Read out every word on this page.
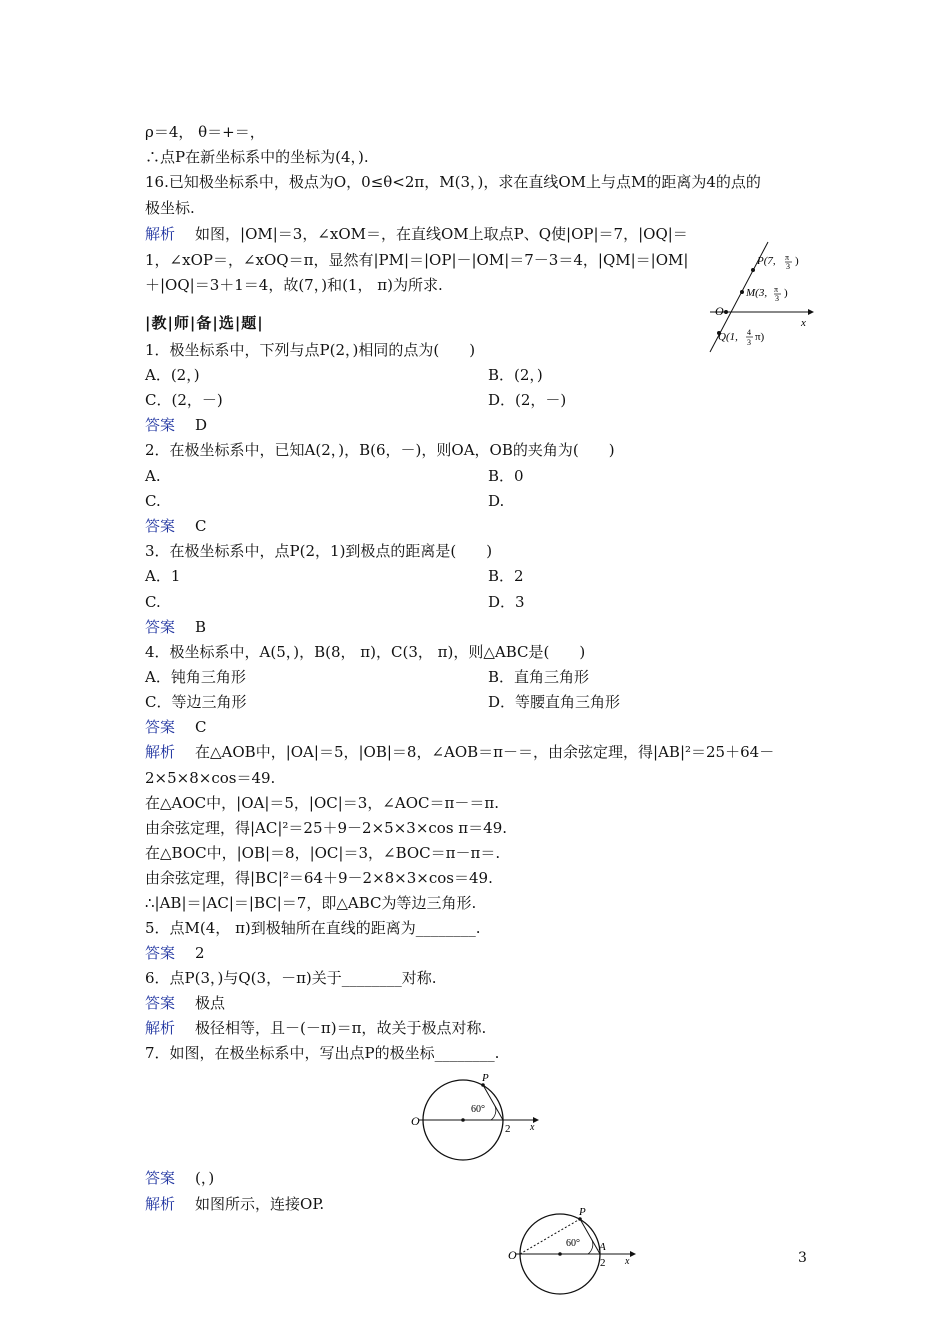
ρ＝4， θ＝+＝，
∴点P在新坐标系中的坐标为(4，).
16.已知极坐标系中，极点为O，0≤θ<2π，M(3，)，求在直线OM上与点M的距离为4的点的
极坐标.
解析 如图，|OM|＝3，∠xOM＝，在直线OM上取点P、Q使|OP|＝7，|OQ|＝
1，∠xOP＝，∠xOQ＝π，显然有|PM|＝|OP|－|OM|＝7－3＝4，|QM|＝|OM|
＋|OQ|＝3＋1＝4，故(7，)和(1， π)为所求.
|教|师|备|选|题|
1．极坐标系中，下列与点P(2，)相同的点为(　　)
A．(2，)	B．(2，)
C．(2，－)	D．(2，－)
答案 D
2．在极坐标系中，已知A(2，)，B(6，－)，则OA，OB的夹角为(　　)
A.	B．0
C.	D.
答案 C
3．在极坐标系中，点P(2，1)到极点的距离是(　　)
A．1	B．2
C.	D．3
答案 B
4．极坐标系中，A(5，)，B(8， π)，C(3， π)，则△ABC是(　　)
A．钝角三角形	B．直角三角形
C．等边三角形	D．等腰直角三角形
答案 C
解析 在△AOB中，|OA|＝5，|OB|＝8，∠AOB＝π－＝，由余弦定理，得|AB|²＝25＋64－
2×5×8×cos＝49.
在△AOC中，|OA|＝5，|OC|＝3，∠AOC＝π－＝π.
由余弦定理，得|AC|²＝25＋9－2×5×3×cos π＝49.
在△BOC中，|OB|＝8，|OC|＝3，∠BOC＝π－π＝.
由余弦定理，得|BC|²＝64＋9－2×8×3×cos＝49.
∴|AB|＝|AC|＝|BC|＝7，即△ABC为等边三角形.
5．点M(4， π)到极轴所在直线的距离为________.
答案 2
6．点P(3，)与Q(3，－π)关于________对称.
答案 极点
解析 极径相等，且－(－π)＝π，故关于极点对称.
7．如图，在极坐标系中，写出点P的极坐标________.
答案 (，)
解析 如图所示，连接OP.
x
O
P(7, π
3 )
M(3, π
3 )
Q(1, 4
3 π)
O
P
60°
2 x
O
P
60° A
2 x	3
